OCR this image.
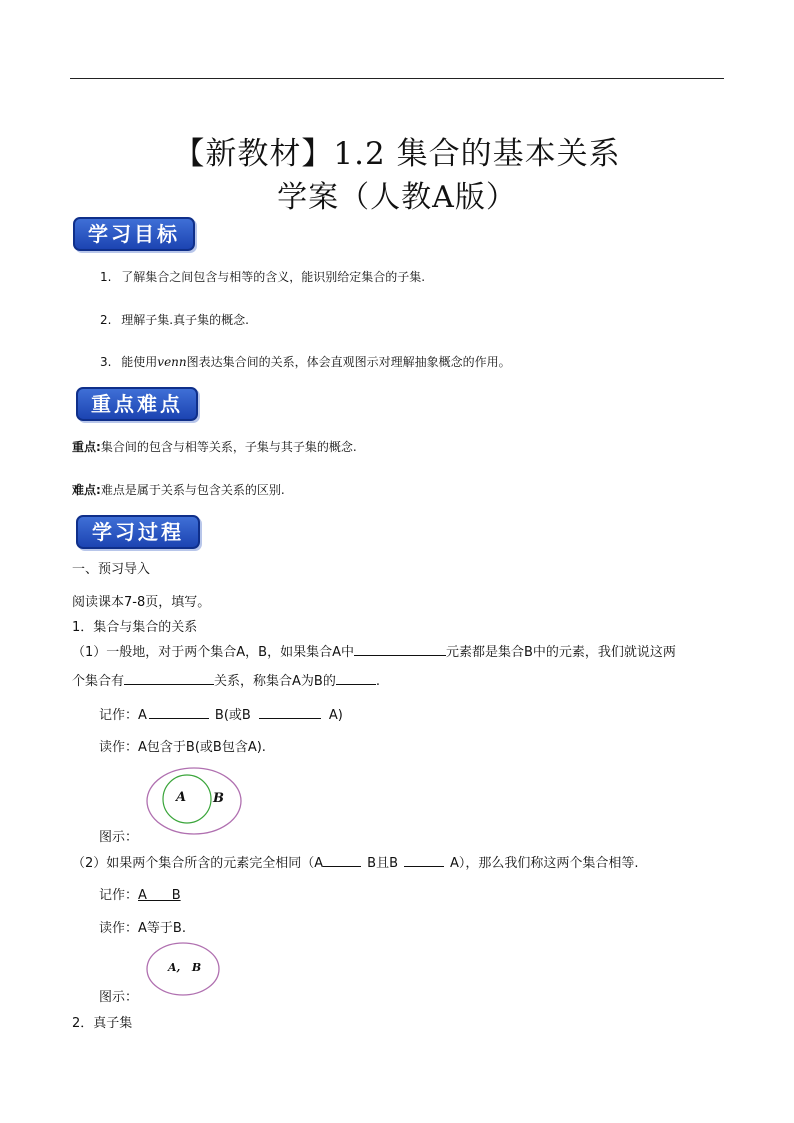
【新教材】1.2 集合的基本关系
学案（人教A版）
学习目标
1. 了解集合之间包含与相等的含义，能识别给定集合的子集.
2. 理解子集.真子集的概念.
3. 能使用venn图表达集合间的关系，体会直观图示对理解抽象概念的作用。
重点难点
重点:集合间的包含与相等关系，子集与其子集的概念.
难点:难点是属于关系与包含关系的区别.
学习过程
一、预习导入
阅读课本7-8页，填写。
1．集合与集合的关系
（1）一般地，对于两个集合A，B，如果集合A中	元素都是集合B中的元素，我们就说这两
个集合有	关系，称集合A为B的	.
记作：A	B(或B	A)
读作：A包含于B(或B包含A).
A B
图示：
（2）如果两个集合所含的元素完全相同（A	B且B	A），那么我们称这两个集合相等.
记作：A      B
读作：A等于B.
A,   B
图示：
2．真子集
